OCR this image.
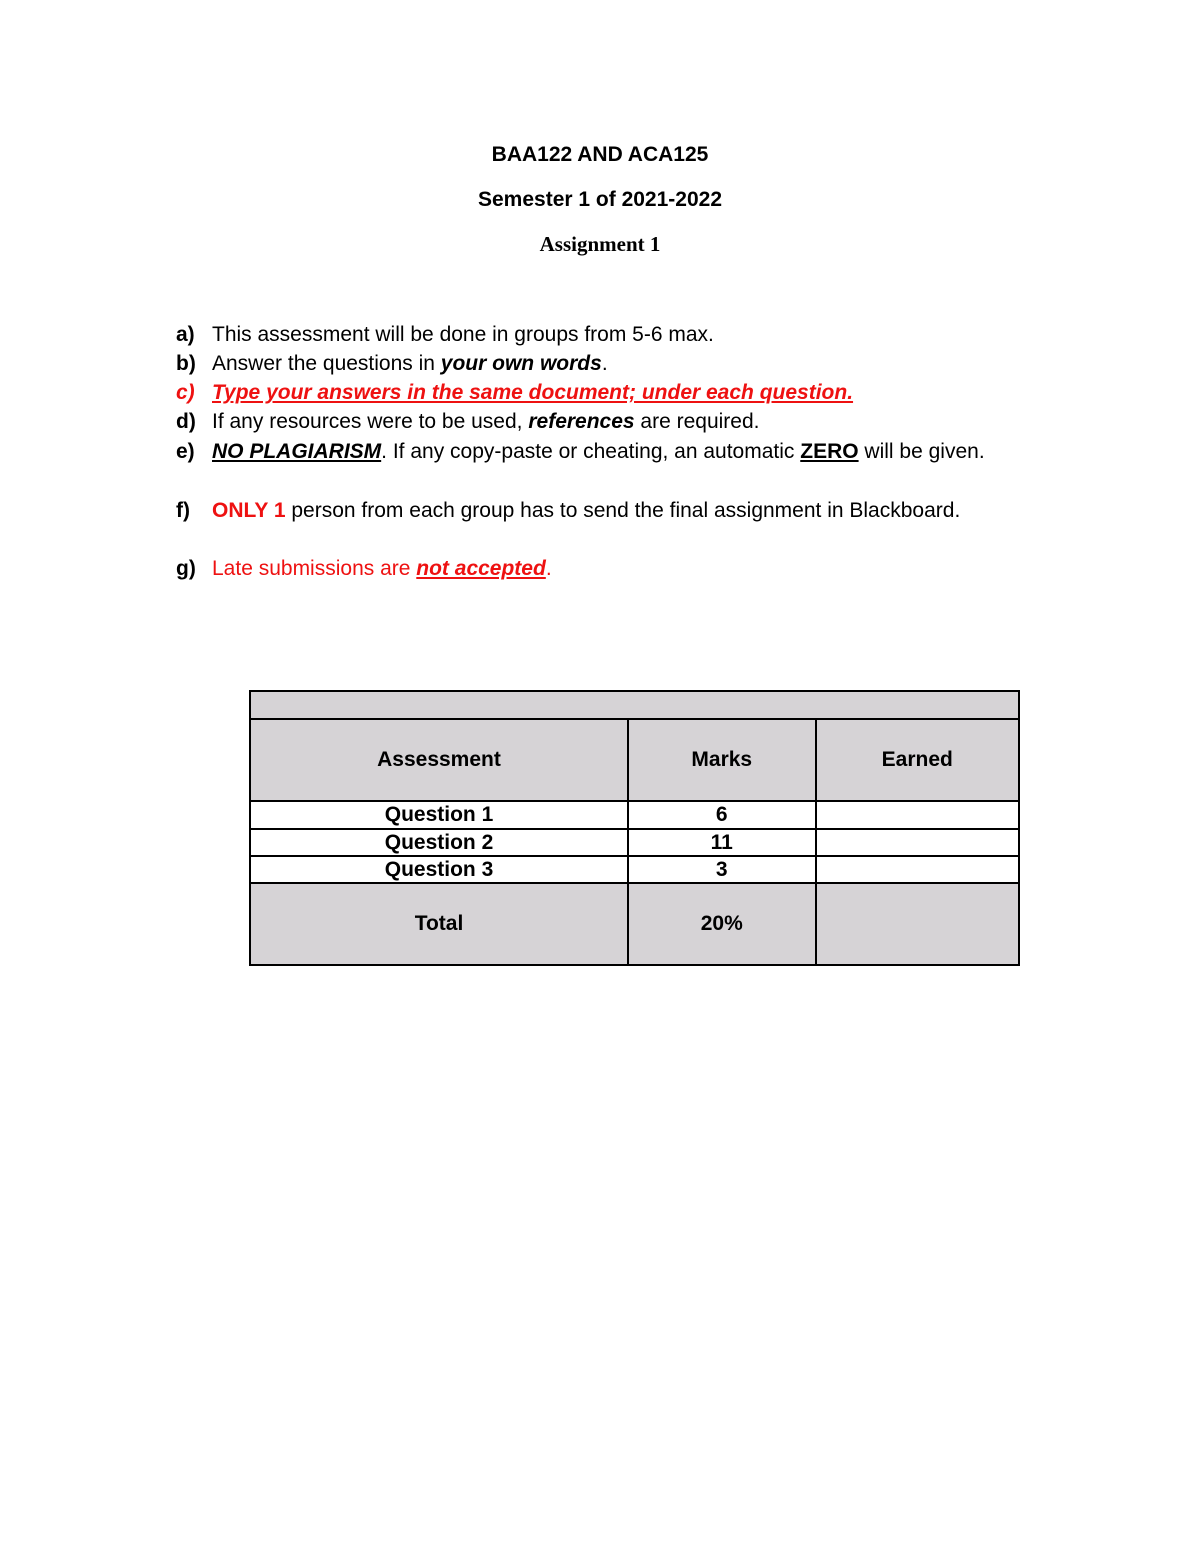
BAA122 AND ACA125
Semester 1 of 2021-2022
Assignment 1
a) This assessment will be done in groups from 5-6 max.
b) Answer the questions in your own words.
c) Type your answers in the same document; under each question.
d) If any resources were to be used, references are required.
e) NO PLAGIARISM. If any copy-paste or cheating, an automatic ZERO will be given.
f) ONLY 1 person from each group has to send the final assignment in Blackboard.
g) Late submissions are not accepted.

Assessment	Marks	Earned
Question 1	6	
Question 2	11	
Question 3	3	
Total	20%	
